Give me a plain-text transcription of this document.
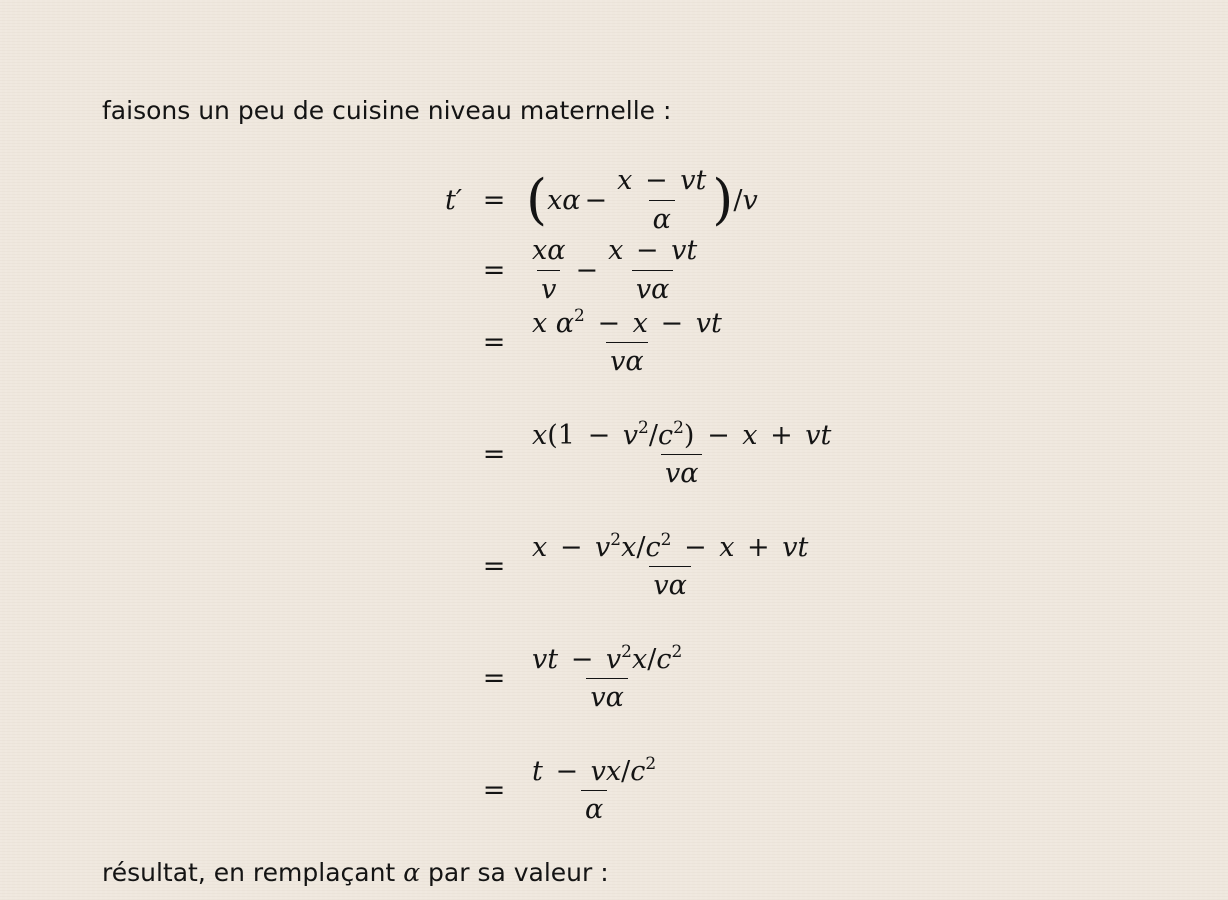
faisons un peu de cuisine niveau maternelle :

t′ = ( $x\alpha - \frac{x - vt}{\alpha}$ ) / v
= $\frac{x\alpha}{v} - \frac{x - vt}{v\alpha}$
= $\frac{x \alpha^2 - x - vt}{v\alpha}$
= $\frac{x(1 - v^2/c^2) - x + vt}{v\alpha}$
= $\frac{x - v^2x/c^2 - x + vt}{v\alpha}$
= $\frac{vt - v^2x/c^2}{v\alpha}$
= $\frac{t - vx/c^2}{\alpha}$

résultat, en remplaçant α par sa valeur :
